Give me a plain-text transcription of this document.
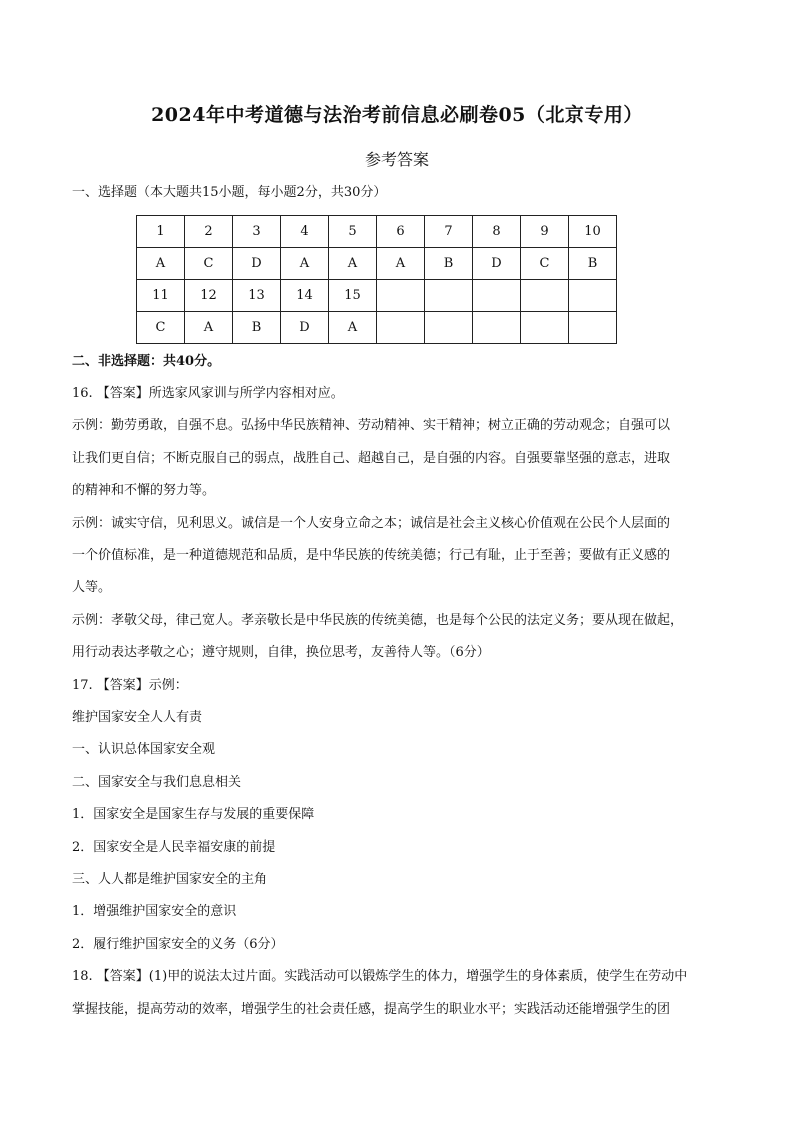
2024年中考道德与法治考前信息必刷卷05（北京专用）
参考答案
一、选择题（本大题共15小题，每小题2分，共30分）
1	2	3	4	5	6	7	8	9	10
A	C	D	A	A	A	B	D	C	B
11	12	13	14	15					
C	A	B	D	A					
二、非选择题：共40分。
16. 【答案】所选家风家训与所学内容相对应。
示例：勤劳勇敢，自强不息。弘扬中华民族精神、劳动精神、实干精神；树立正确的劳动观念；自强可以
让我们更自信；不断克服自己的弱点，战胜自己、超越自己，是自强的内容。自强要靠坚强的意志，进取
的精神和不懈的努力等。
示例：诚实守信，见利思义。诚信是一个人安身立命之本；诚信是社会主义核心价值观在公民个人层面的
一个价值标准，是一种道德规范和品质，是中华民族的传统美德；行己有耻，止于至善；要做有正义感的
人等。
示例：孝敬父母，律己宽人。孝亲敬长是中华民族的传统美德，也是每个公民的法定义务；要从现在做起，
用行动表达孝敬之心；遵守规则，自律，换位思考，友善待人等。（6分）
17. 【答案】示例：
维护国家安全人人有责
一、认识总体国家安全观
二、国家安全与我们息息相关
1．国家安全是国家生存与发展的重要保障
2．国家安全是人民幸福安康的前提
三、人人都是维护国家安全的主角
1．增强维护国家安全的意识
2．履行维护国家安全的义务（6分）
18. 【答案】(1)甲的说法太过片面。实践活动可以锻炼学生的体力，增强学生的身体素质，使学生在劳动中
掌握技能，提高劳动的效率，增强学生的社会责任感，提高学生的职业水平；实践活动还能增强学生的团
